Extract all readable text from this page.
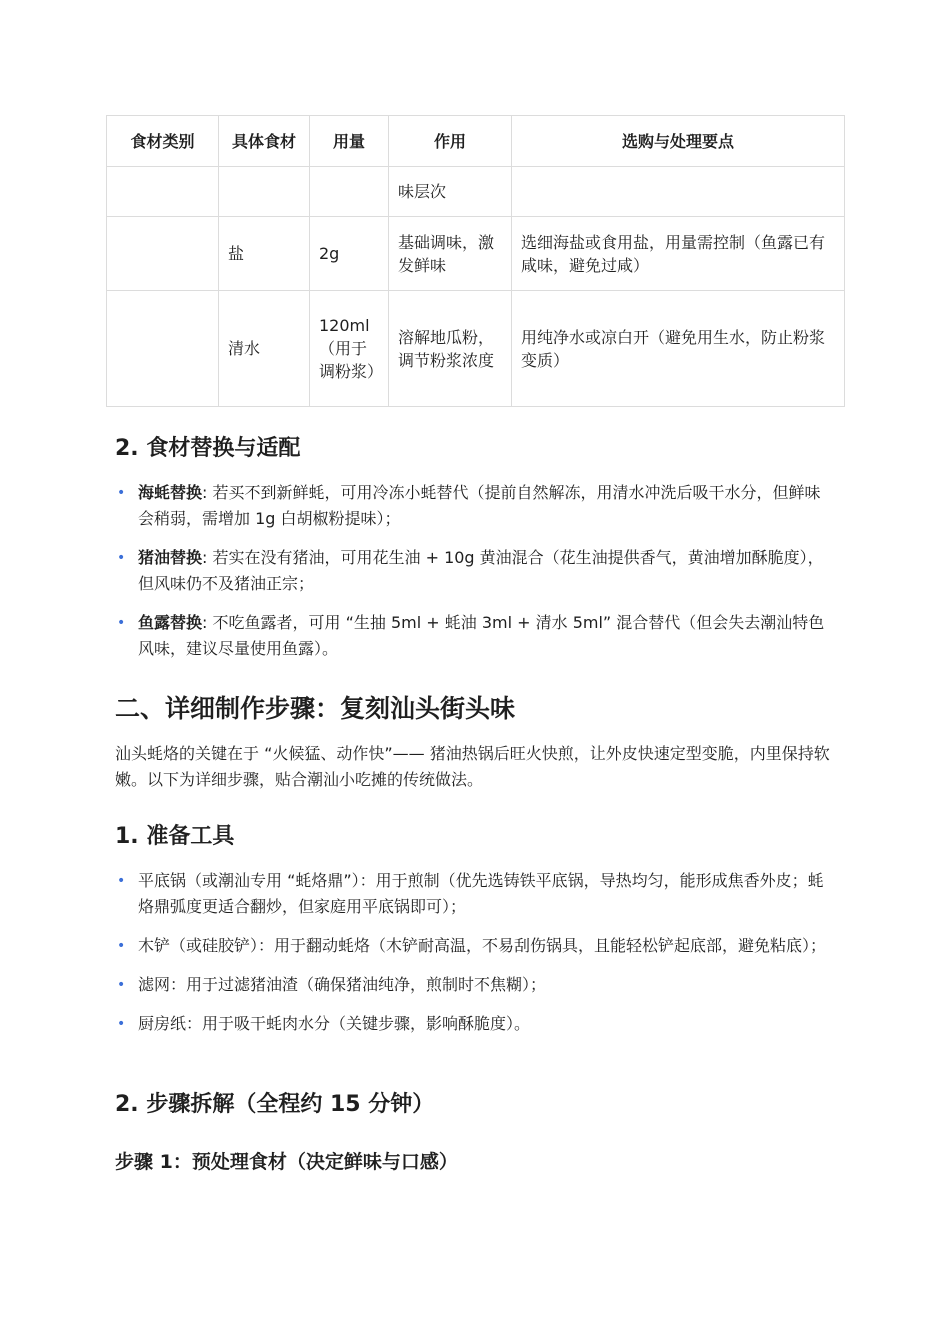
食材类别	具体食材	用量	作用	选购与处理要点
			味层次	
	盐	2g	基础调味，激发鲜味	选细海盐或食用盐，用量需控制（鱼露已有咸味，避免过咸）
	清水	120ml（用于调粉浆）	溶解地瓜粉，调节粉浆浓度	用纯净水或凉白开（避免用生水，防止粉浆变质）
2. 食材替换与适配
• 海蚝替换: 若买不到新鲜蚝，可用冷冻小蚝替代（提前自然解冻，用清水冲洗后吸干水分，但鲜味会稍弱，需增加 1g 白胡椒粉提味）；
• 猪油替换: 若实在没有猪油，可用花生油 + 10g 黄油混合（花生油提供香气，黄油增加酥脆度），但风味仍不及猪油正宗；
• 鱼露替换: 不吃鱼露者，可用 “生抽 5ml + 蚝油 3ml + 清水 5ml” 混合替代（但会失去潮汕特色风味，建议尽量使用鱼露）。
二、详细制作步骤：复刻汕头街头味

汕头蚝烙的关键在于 “火候猛、动作快”—— 猪油热锅后旺火快煎，让外皮快速定型变脆，内里保持软嫩。以下为详细步骤，贴合潮汕小吃摊的传统做法。

1. 准备工具
• 平底锅（或潮汕专用 “蚝烙鼎”）：用于煎制（优先选铸铁平底锅，导热均匀，能形成焦香外皮；蚝烙鼎弧度更适合翻炒，但家庭用平底锅即可）；
• 木铲（或硅胶铲）：用于翻动蚝烙（木铲耐高温，不易刮伤锅具，且能轻松铲起底部，避免粘底）；
• 滤网：用于过滤猪油渣（确保猪油纯净，煎制时不焦糊）；
• 厨房纸：用于吸干蚝肉水分（关键步骤，影响酥脆度）。
2. 步骤拆解（全程约 15 分钟）
步骤 1：预处理食材（决定鲜味与口感）
